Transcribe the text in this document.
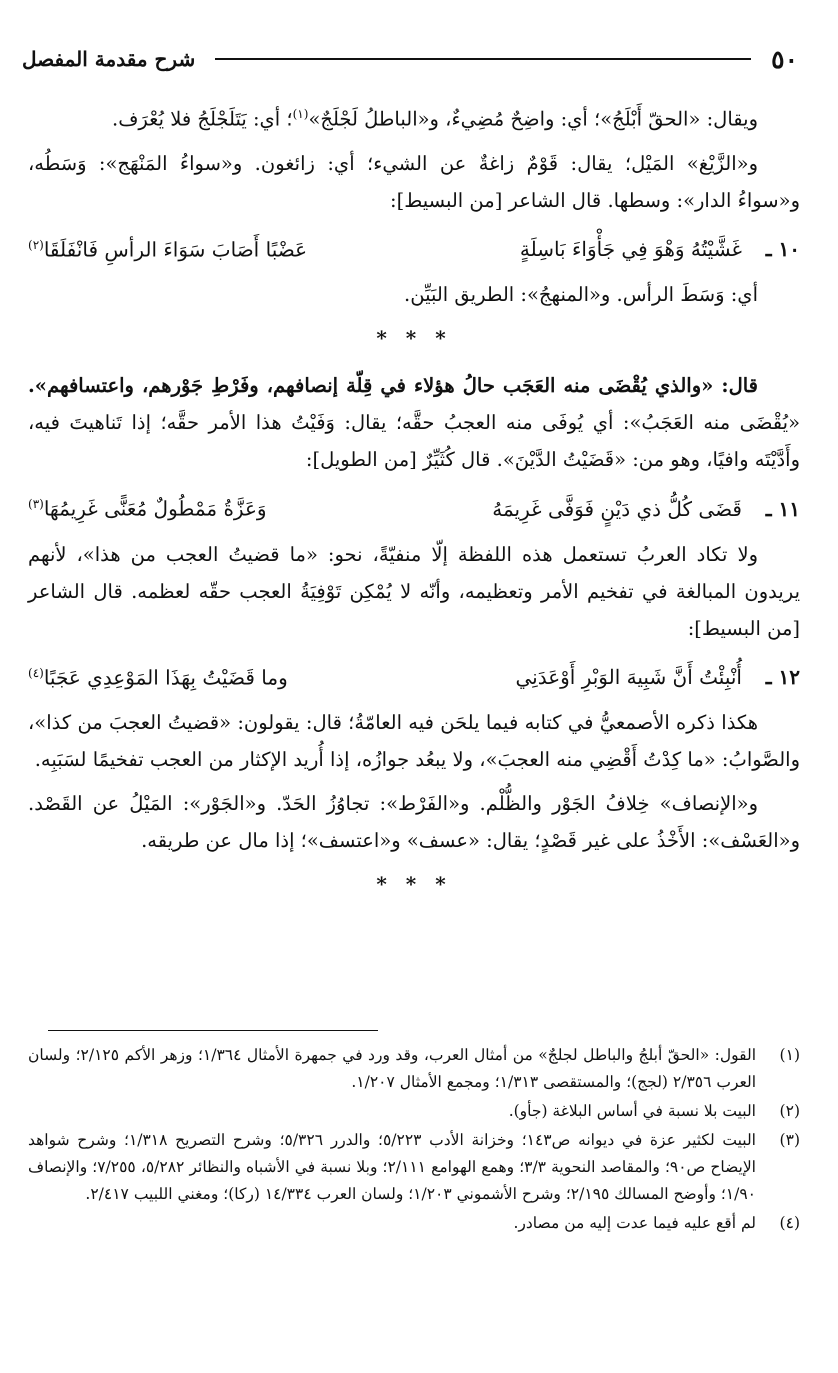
٥٠
شرح مقدمة المفصل

ويقال: «الحقّ أَبْلَجُ»؛ أي: واضِحٌ مُضِيءٌ، و«الباطلُ لَجْلَجٌ»$^{(١)}$؛ أي: يَتَلَجْلَجُ فلا يُعْرَف.

و«الزَّيْغ» المَيْل؛ يقال: قَوْمٌ زاغةٌ عن الشيء؛ أي: زائغون. و«سواءُ المَنْهَج»: وَسَطُه، و«سواءُ الدار»: وسطها. قال الشاعر [من البسيط]:

١٠ ـ
غَشَّيْتُهُ وَهْوَ فِي جَأْوَاءَ بَاسِلَةٍ
عَضْبًا أَصَابَ سَوَاءَ الرأسِ فَانْفَلَقَا$^{(٢)}$

أي: وَسَطَ الرأس. و«المنهجُ»: الطريق البَيِّن.

* * *

قال: «والذي يُقْضَى منه العَجَب حالُ هؤلاء في قِلّة إنصافهم، وفَرْطِ جَوْرهم، واعتسافهم». «يُقْضَى منه العَجَبُ»: أي يُوفَى منه العجبُ حقَّه؛ يقال: وَفَيْتُ هذا الأمر حقَّه؛ إذا تَناهيتَ فيه، وأَدَّيْتَه وافيًا، وهو من: «قَضَيْتُ الدَّيْنَ». قال كُثَيِّرٌ [من الطويل]:

١١ ـ
قَضَى كُلُّ ذي دَيْنٍ فَوَفَّى غَرِيمَهُ
وَعَزَّةُ مَمْطُولٌ مُعَنًّى غَرِيمُهَا$^{(٣)}$

ولا تكاد العربُ تستعمل هذه اللفظة إلّا منفيّةً، نحو: «ما قضيتُ العجب من هذا»، لأنهم يريدون المبالغة في تفخيم الأمر وتعظيمه، وأنّه لا يُمْكِن تَوْفِيَةُ العجب حقّه لعظمه. قال الشاعر [من البسيط]:

١٢ ـ
أُنْبِئْتُ أَنَّ شَبِيهَ الوَبْرِ أَوْعَدَنِي
وما قَضَيْتُ بِهَذَا المَوْعِدِي عَجَبًا$^{(٤)}$

هكذا ذكره الأصمعيُّ في كتابه فيما يلحَن فيه العامّةُ؛ قال: يقولون: «قضيتُ العجبَ من كذا»، والصَّوابُ: «ما كِدْتُ أَقْضِي منه العجبَ»، ولا يبعُد جوازُه، إذا أُريد الإكثار من العجب تفخيمًا لسَبَبِه.

و«الإنصاف» خِلافُ الجَوْر والظُّلْم. و«الفَرْط»: تجاوُزُ الحَدّ. و«الجَوْر»: المَيْلُ عن القَصْد. و«العَسْف»: الأَخْذُ على غير قَصْدٍ؛ يقال: «عسف» و«اعتسف»؛ إذا مال عن طريقه.

* * *
(١)
القول: «الحقّ أبلجُ والباطل لجلجٌ» من أمثال العرب، وقد ورد في جمهرة الأمثال ١/٣٦٤؛ وزهر الأكم ٢/١٢٥؛ ولسان العرب ٢/٣٥٦ (لجج)؛ والمستقصى ١/٣١٣؛ ومجمع الأمثال ١/٢٠٧.
(٢)
البيت بلا نسبة في أساس البلاغة (جأو).
(٣)
البيت لكثير عزة في ديوانه ص١٤٣؛ وخزانة الأدب ٥/٢٢٣؛ والدرر ٥/٣٢٦؛ وشرح التصريح ١/٣١٨؛ وشرح شواهد الإيضاح ص٩٠؛ والمقاصد النحوية ٣/٣؛ وهمع الهوامع ٢/١١١؛ وبلا نسبة في الأشباه والنظائر ٥/٢٨٢، ٧/٢٥٥؛ والإنصاف ١/٩٠؛ وأوضح المسالك ٢/١٩٥؛ وشرح الأشموني ١/٢٠٣؛ ولسان العرب ١٤/٣٣٤ (ركا)؛ ومغني اللبيب ٢/٤١٧.
(٤)
لم أقع عليه فيما عدت إليه من مصادر.
